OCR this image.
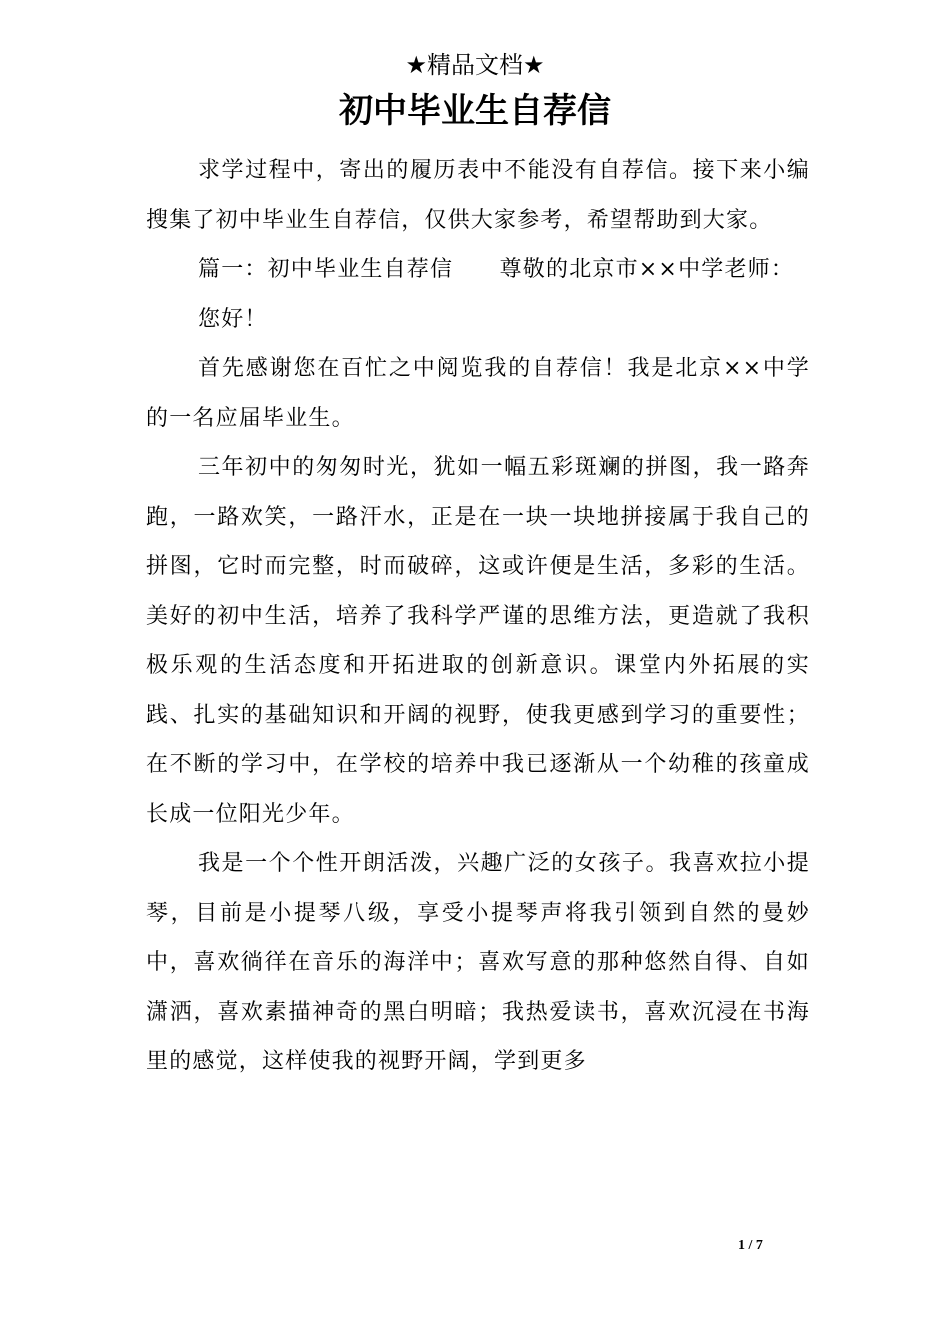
★精品文档★
初中毕业生自荐信

求学过程中，寄出的履历表中不能没有自荐信。接下来小编搜集了初中毕业生自荐信，仅供大家参考，希望帮助到大家。

篇一：初中毕业生自荐信　　尊敬的北京市××中学老师：

您好！

首先感谢您在百忙之中阅览我的自荐信！我是北京××中学的一名应届毕业生。

三年初中的匆匆时光，犹如一幅五彩斑斓的拼图，我一路奔跑，一路欢笑，一路汗水，正是在一块一块地拼接属于我自己的拼图，它时而完整，时而破碎，这或许便是生活，多彩的生活。美好的初中生活，培养了我科学严谨的思维方法，更造就了我积极乐观的生活态度和开拓进取的创新意识。课堂内外拓展的实践、扎实的基础知识和开阔的视野，使我更感到学习的重要性；在不断的学习中，在学校的培养中我已逐渐从一个幼稚的孩童成长成一位阳光少年。

我是一个个性开朗活泼，兴趣广泛的女孩子。我喜欢拉小提琴，目前是小提琴八级，享受小提琴声将我引领到自然的曼妙中，喜欢徜徉在音乐的海洋中；喜欢写意的那种悠然自得、自如潇洒，喜欢素描神奇的黑白明暗；我热爱读书，喜欢沉浸在书海里的感觉，这样使我的视野开阔，学到更多

1 / 7
